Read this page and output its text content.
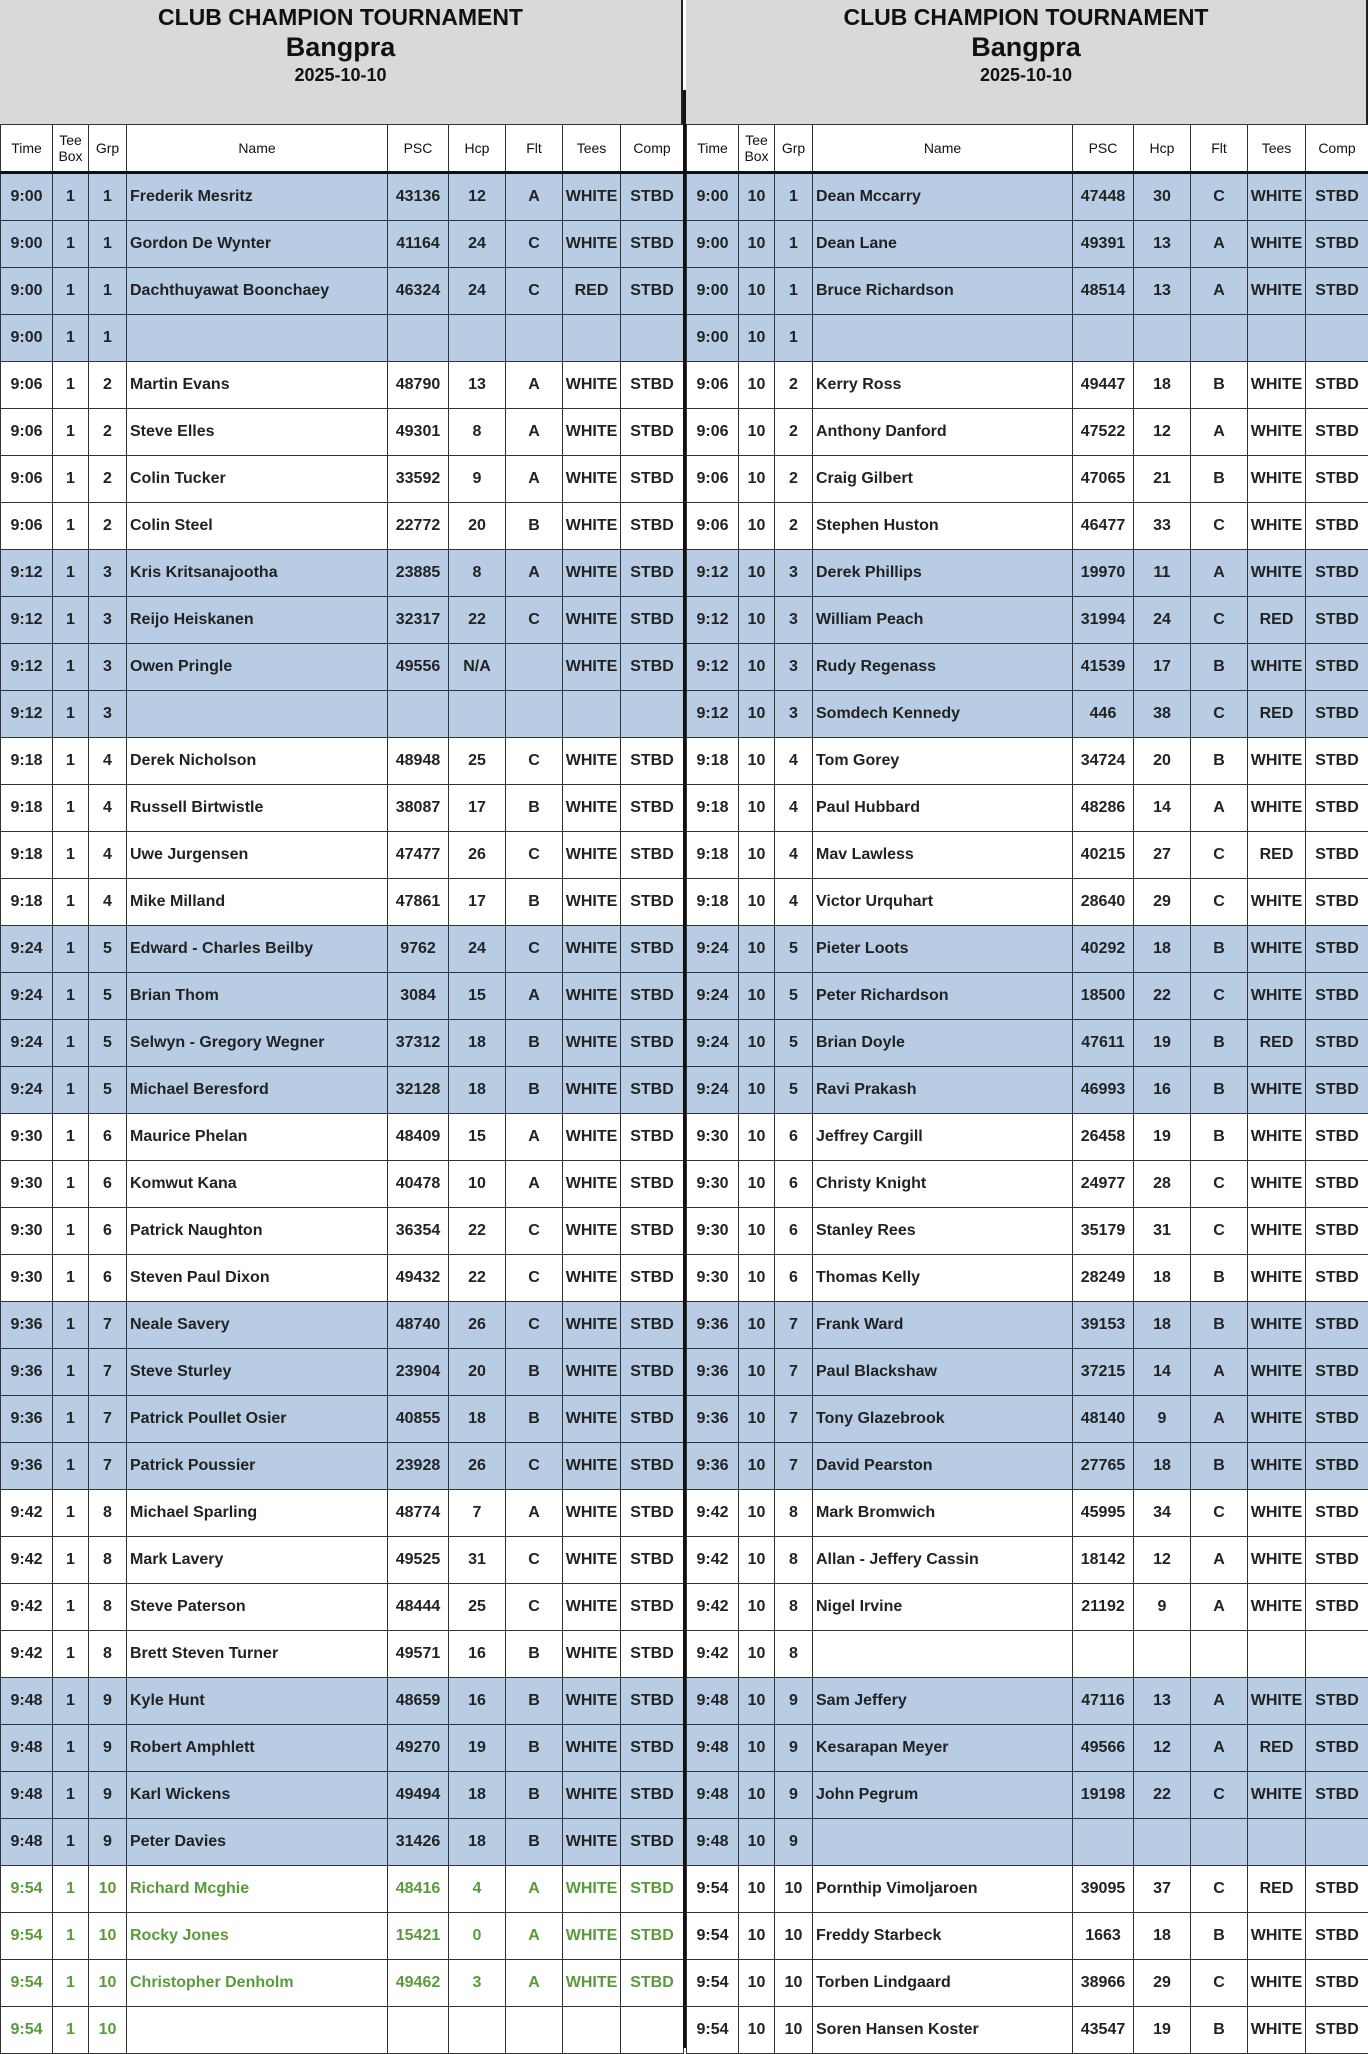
CLUB CHAMPION TOURNAMENT
Bangpra
2025-10-10
Time	Tee Box	Grp	Name	PSC	Hcp	Flt	Tees	Comp
9:00	1	1	Frederik Mesritz	43136	12	A	WHITE	STBD
9:00	1	1	Gordon De Wynter	41164	24	C	WHITE	STBD
9:00	1	1	Dachthuyawat Boonchaey	46324	24	C	RED	STBD
9:00	1	1						
9:06	1	2	Martin Evans	48790	13	A	WHITE	STBD
9:06	1	2	Steve Elles	49301	8	A	WHITE	STBD
9:06	1	2	Colin Tucker	33592	9	A	WHITE	STBD
9:06	1	2	Colin Steel	22772	20	B	WHITE	STBD
9:12	1	3	Kris Kritsanajootha	23885	8	A	WHITE	STBD
9:12	1	3	Reijo Heiskanen	32317	22	C	WHITE	STBD
9:12	1	3	Owen Pringle	49556	N/A		WHITE	STBD
9:12	1	3						
9:18	1	4	Derek Nicholson	48948	25	C	WHITE	STBD
9:18	1	4	Russell Birtwistle	38087	17	B	WHITE	STBD
9:18	1	4	Uwe Jurgensen	47477	26	C	WHITE	STBD
9:18	1	4	Mike Milland	47861	17	B	WHITE	STBD
9:24	1	5	Edward - Charles Beilby	9762	24	C	WHITE	STBD
9:24	1	5	Brian Thom	3084	15	A	WHITE	STBD
9:24	1	5	Selwyn - Gregory Wegner	37312	18	B	WHITE	STBD
9:24	1	5	Michael Beresford	32128	18	B	WHITE	STBD
9:30	1	6	Maurice Phelan	48409	15	A	WHITE	STBD
9:30	1	6	Komwut Kana	40478	10	A	WHITE	STBD
9:30	1	6	Patrick Naughton	36354	22	C	WHITE	STBD
9:30	1	6	Steven Paul Dixon	49432	22	C	WHITE	STBD
9:36	1	7	Neale Savery	48740	26	C	WHITE	STBD
9:36	1	7	Steve Sturley	23904	20	B	WHITE	STBD
9:36	1	7	Patrick Poullet Osier	40855	18	B	WHITE	STBD
9:36	1	7	Patrick Poussier	23928	26	C	WHITE	STBD
9:42	1	8	Michael Sparling	48774	7	A	WHITE	STBD
9:42	1	8	Mark Lavery	49525	31	C	WHITE	STBD
9:42	1	8	Steve Paterson	48444	25	C	WHITE	STBD
9:42	1	8	Brett Steven Turner	49571	16	B	WHITE	STBD
9:48	1	9	Kyle Hunt	48659	16	B	WHITE	STBD
9:48	1	9	Robert Amphlett	49270	19	B	WHITE	STBD
9:48	1	9	Karl Wickens	49494	18	B	WHITE	STBD
9:48	1	9	Peter Davies	31426	18	B	WHITE	STBD
9:54	1	10	Richard Mcghie	48416	4	A	WHITE	STBD
9:54	1	10	Rocky Jones	15421	0	A	WHITE	STBD
9:54	1	10	Christopher Denholm	49462	3	A	WHITE	STBD
9:54	1	10						
CLUB CHAMPION TOURNAMENT
Bangpra
2025-10-10
Time	Tee Box	Grp	Name	PSC	Hcp	Flt	Tees	Comp
9:00	10	1	Dean Mccarry	47448	30	C	WHITE	STBD
9:00	10	1	Dean Lane	49391	13	A	WHITE	STBD
9:00	10	1	Bruce Richardson	48514	13	A	WHITE	STBD
9:00	10	1						
9:06	10	2	Kerry Ross	49447	18	B	WHITE	STBD
9:06	10	2	Anthony Danford	47522	12	A	WHITE	STBD
9:06	10	2	Craig Gilbert	47065	21	B	WHITE	STBD
9:06	10	2	Stephen Huston	46477	33	C	WHITE	STBD
9:12	10	3	Derek Phillips	19970	11	A	WHITE	STBD
9:12	10	3	William Peach	31994	24	C	RED	STBD
9:12	10	3	Rudy Regenass	41539	17	B	WHITE	STBD
9:12	10	3	Somdech Kennedy	446	38	C	RED	STBD
9:18	10	4	Tom Gorey	34724	20	B	WHITE	STBD
9:18	10	4	Paul Hubbard	48286	14	A	WHITE	STBD
9:18	10	4	Mav Lawless	40215	27	C	RED	STBD
9:18	10	4	Victor Urquhart	28640	29	C	WHITE	STBD
9:24	10	5	Pieter Loots	40292	18	B	WHITE	STBD
9:24	10	5	Peter Richardson	18500	22	C	WHITE	STBD
9:24	10	5	Brian Doyle	47611	19	B	RED	STBD
9:24	10	5	Ravi Prakash	46993	16	B	WHITE	STBD
9:30	10	6	Jeffrey Cargill	26458	19	B	WHITE	STBD
9:30	10	6	Christy Knight	24977	28	C	WHITE	STBD
9:30	10	6	Stanley Rees	35179	31	C	WHITE	STBD
9:30	10	6	Thomas Kelly	28249	18	B	WHITE	STBD
9:36	10	7	Frank Ward	39153	18	B	WHITE	STBD
9:36	10	7	Paul Blackshaw	37215	14	A	WHITE	STBD
9:36	10	7	Tony Glazebrook	48140	9	A	WHITE	STBD
9:36	10	7	David Pearston	27765	18	B	WHITE	STBD
9:42	10	8	Mark Bromwich	45995	34	C	WHITE	STBD
9:42	10	8	Allan - Jeffery Cassin	18142	12	A	WHITE	STBD
9:42	10	8	Nigel Irvine	21192	9	A	WHITE	STBD
9:42	10	8						
9:48	10	9	Sam Jeffery	47116	13	A	WHITE	STBD
9:48	10	9	Kesarapan Meyer	49566	12	A	RED	STBD
9:48	10	9	John Pegrum	19198	22	C	WHITE	STBD
9:48	10	9						
9:54	10	10	Pornthip Vimoljaroen	39095	37	C	RED	STBD
9:54	10	10	Freddy Starbeck	1663	18	B	WHITE	STBD
9:54	10	10	Torben Lindgaard	38966	29	C	WHITE	STBD
9:54	10	10	Soren Hansen Koster	43547	19	B	WHITE	STBD
